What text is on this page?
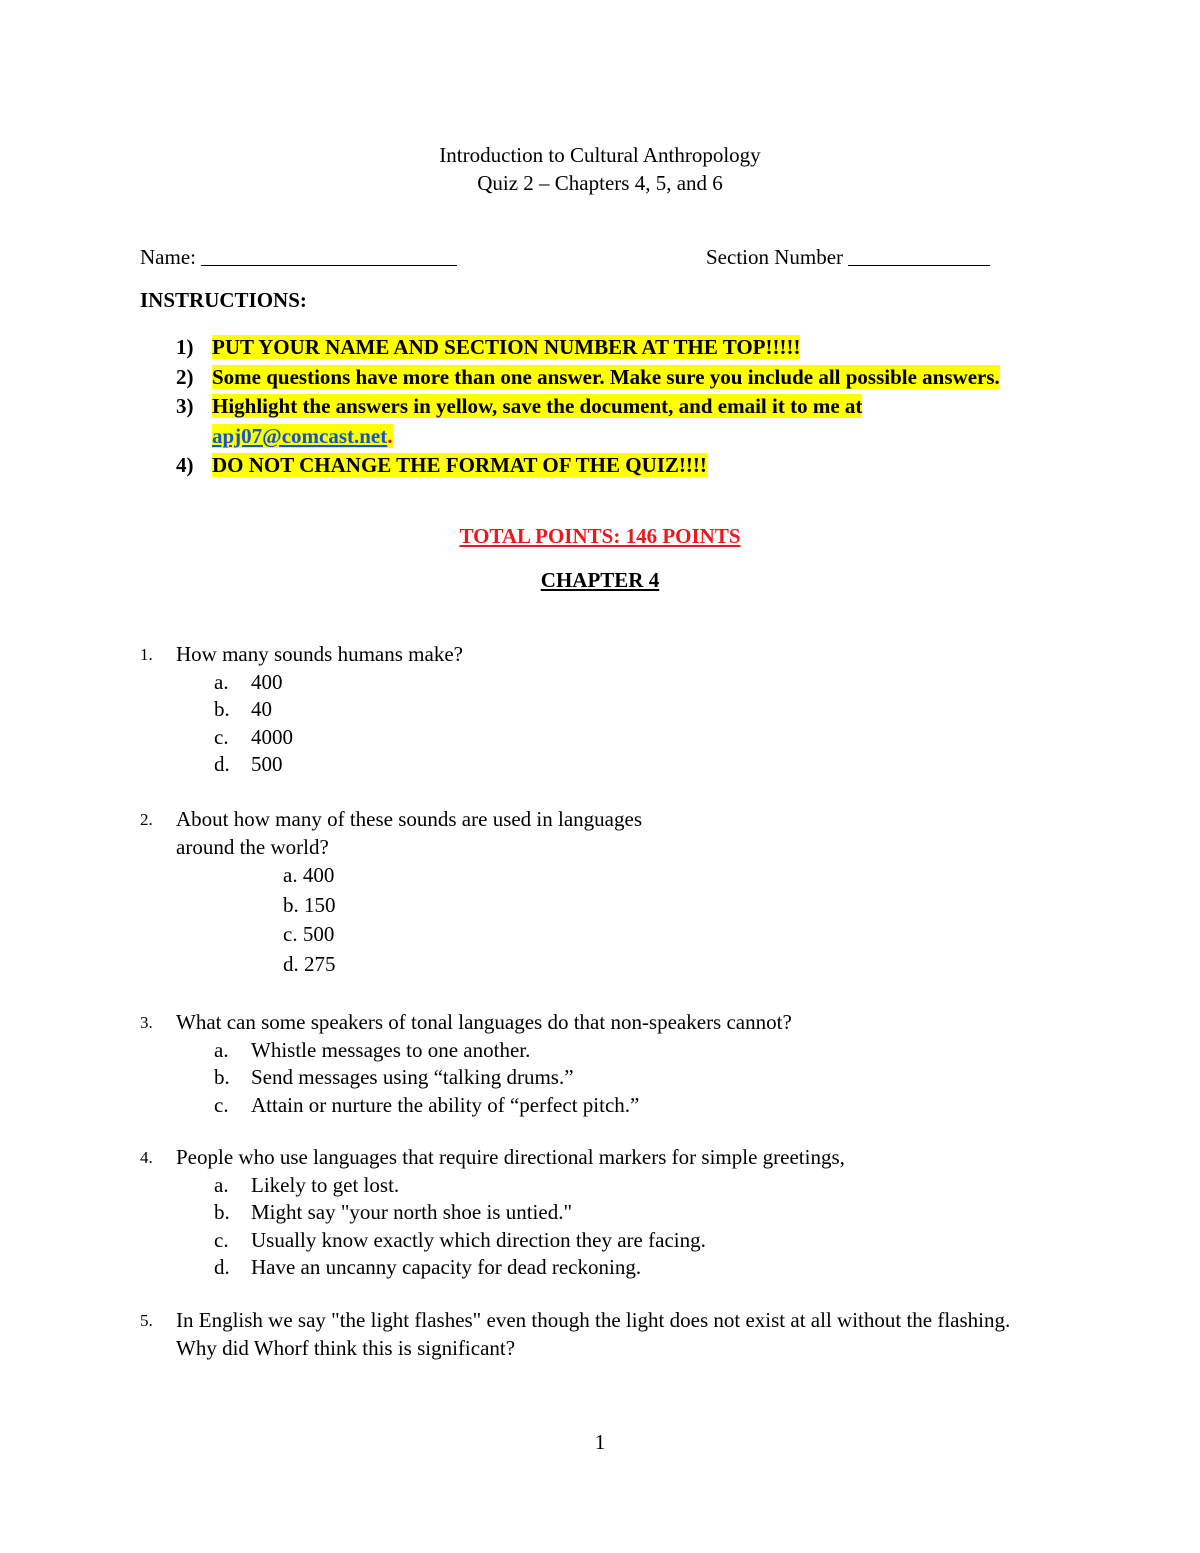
Introduction to Cultural Anthropology
Quiz 2 – Chapters 4, 5, and 6
Name:	Section Number
INSTRUCTIONS:
1) PUT YOUR NAME AND SECTION NUMBER AT THE TOP!!!!!
2) Some questions have more than one answer. Make sure you include all possible answers.
3) Highlight the answers in yellow, save the document, and email it to me at apj07@comcast.net.
4) DO NOT CHANGE THE FORMAT OF THE QUIZ!!!!
TOTAL POINTS: 146 POINTS
CHAPTER 4
1.	How many sounds humans make?
a. 400
b. 40
c. 4000
d. 500
2.	About how many of these sounds are used in languages
around the world?
a. 400
b. 150
c. 500
d. 275
3.	What can some speakers of tonal languages do that non-speakers cannot?
a. Whistle messages to one another.
b. Send messages using “talking drums.”
c. Attain or nurture the ability of “perfect pitch.”
4.	People who use languages that require directional markers for simple greetings,
a. Likely to get lost.
b. Might say "your north shoe is untied."
c. Usually know exactly which direction they are facing.
d. Have an uncanny capacity for dead reckoning.
5.	In English we say "the light flashes" even though the light does not exist at all without the flashing. Why did Whorf think this is significant?
1
